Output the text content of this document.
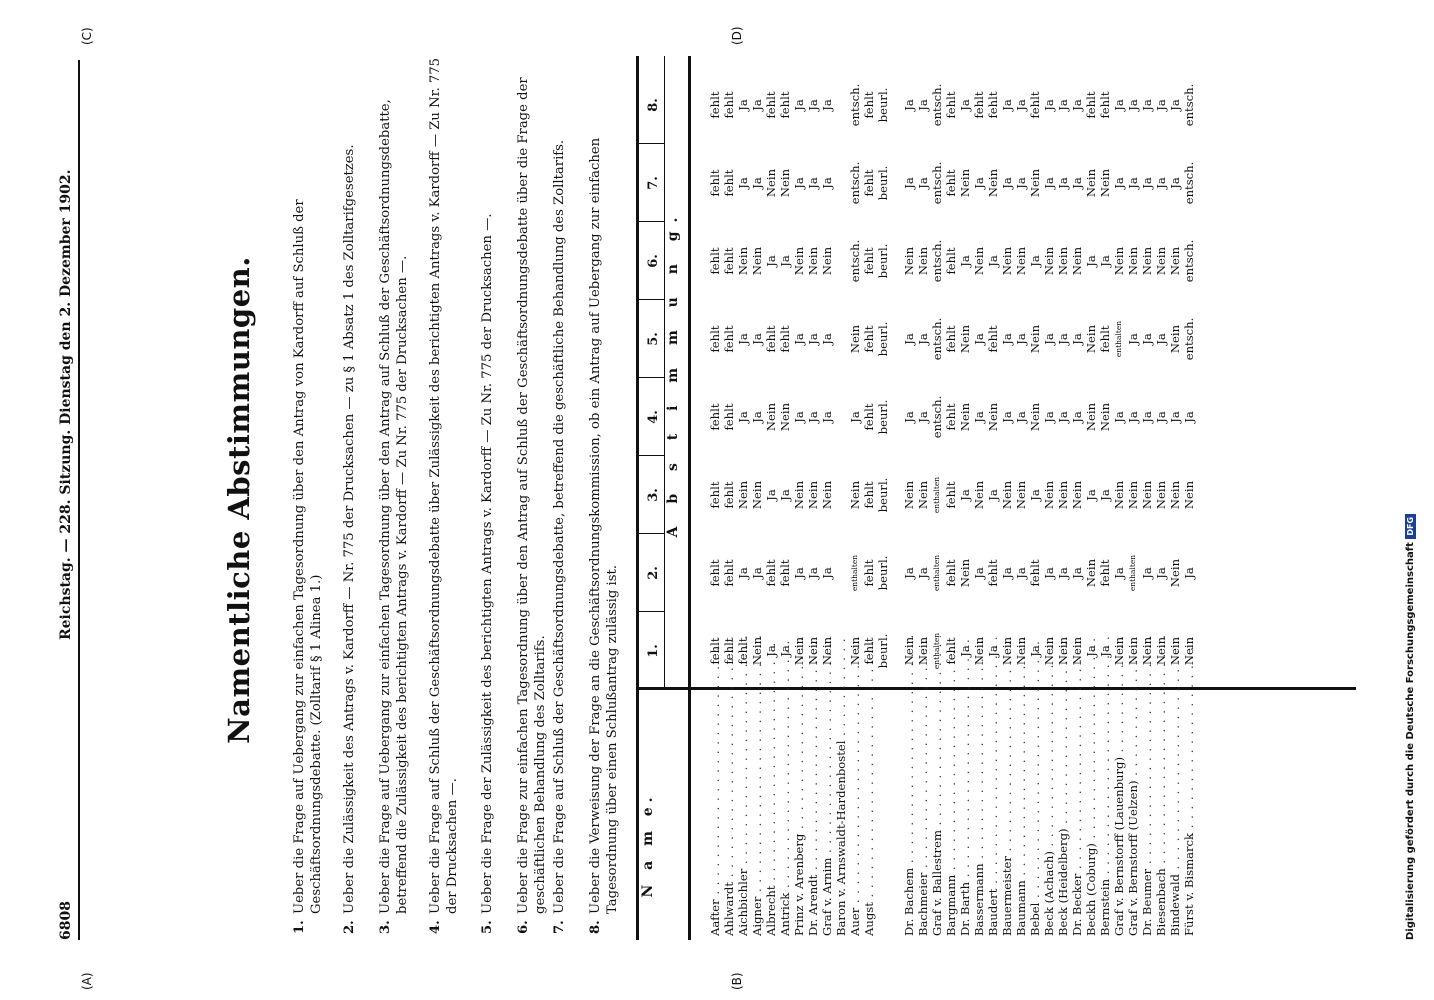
(A)
(C)
(B)
(D)
6808
Reichstag. — 228. Sitzung. Dienstag den 2. Dezember 1902.	Namentliche Abstimmungen.
1.
Ueber die Frage auf Uebergang zur einfachen Tagesordnung über den Antrag von Kardorff auf Schluß der Geschäftsordnungsdebatte. (Zolltarif § 1 Alinea 1.)
2.
Ueber die Zulässigkeit des Antrags v. Kardorff — Nr. 775 der Drucksachen — zu § 1 Absatz 1 des Zolltarifgesetzes.
3.
Ueber die Frage auf Uebergang zur einfachen Tagesordnung über den Antrag auf Schluß der Geschäftsordnungsdebatte, betreffend die Zulässigkeit des berichtigten Antrags v. Kardorff — Zu Nr. 775 der Drucksachen —.
4.
Ueber die Frage auf Schluß der Geschäftsordnungsdebatte über Zulässigkeit des berichtigten Antrags v. Kardorff — Zu Nr. 775 der Drucksachen —.
5.
Ueber die Frage der Zulässigkeit des berichtigten Antrags v. Kardorff — Zu Nr. 775 der Drucksachen —.
6.
Ueber die Frage zur einfachen Tagesordnung über den Antrag auf Schluß der Geschäftsordnungsdebatte über die Frage der geschäftlichen Behandlung des Zolltarifs.
7.
Ueber die Frage auf Schluß der Geschäftsordnungsdebatte, betreffend die geschäftliche Behandlung des Zolltarifs.
8.
Ueber die Verweisung der Frage an die Geschäftsordnungskommission, ob ein Antrag auf Uebergang zur einfachen Tagesordnung über einen Schlußantrag zulässig ist. N a m e.
A b s t i m m u n g.
1.
2.
3.
4.
5.
6.
7.
8.
Aafter . . .
fehlt
fehlt
fehlt
fehlt
fehlt
fehlt
fehlt
fehlt
Ahlwardt . . .
fehlt
fehlt
fehlt
fehlt
fehlt
fehlt
fehlt
fehlt
Aichbichler . . .
fehlt
Ja
Nein
Ja
Ja
Nein
Ja
Ja
Aigner . . .
Nein
Ja
Nein
Ja
Ja
Nein
Ja
Ja
Albrecht . . .
Ja
fehlt
Ja
Nein
fehlt
Ja
Nein
fehlt
Antrick . . .
Ja
fehlt
Ja
Nein
fehlt
Ja
Nein
fehlt
Prinz v. Arenberg . . .
Nein
Ja
Nein
Ja
Ja
Nein
Ja
Ja
Dr. Arendt . . .
Nein
Ja
Nein
Ja
Ja
Nein
Ja
Ja
Graf v. Arnim . . .
Nein
Ja
Nein
Ja
Ja
Nein
Ja
Ja
Baron v. Arnswaldt-Hardenbostel . . . Auer . . .
Nein
enthalten
Nein
Ja
Nein
entsch.
entsch.
entsch.
Augst . . .
fehlt
fehlt
fehlt
fehlt
fehlt
fehlt
fehlt
fehlt
beurl.
beurl.
beurl.
beurl.
beurl.
beurl.
beurl.
beurl.
Dr. Bachem . . .
Nein
Ja
Nein
Ja
Ja
Nein
Ja
Ja
Bachmeier . . .
Nein
Ja
Nein
Ja
Ja
Nein
Ja
Ja
Graf v. Ballestrem . . .
enthalten
enthalten
enthalten
entsch.
entsch.
entsch.
entsch.
entsch.
Bargmann . . .
fehlt
fehlt
fehlt
fehlt
fehlt
fehlt
fehlt
fehlt
Dr. Barth . . .
Ja
Nein
Ja
Nein
Nein
Ja
Nein
Ja
Bassermann . . .
Nein
Ja
Nein
Ja
Ja
Nein
Ja
fehlt
Baudert . . .
Ja
fehlt
Ja
Nein
fehlt
Ja
Nein
fehlt
Bauermeister . . .
Nein
Ja
Nein
Ja
Ja
Nein
Ja
Ja
Baumann . . .
Nein
Ja
Nein
Ja
Ja
Nein
Ja
Ja
Bebel . . .
Ja
fehlt
Ja
Nein
Nein
Ja
Nein
fehlt
Beck (Achach) . . .
Nein
Ja
Nein
Ja
Ja
Nein
Ja
Ja
Beck (Heidelberg) . . .
Nein
Ja
Nein
Ja
Ja
Nein
Ja
Ja
Dr. Becker . . .
Nein
Ja
Nein
Ja
Ja
Nein
Ja
Ja
Beckh (Coburg) . . .
Ja
Nein
Ja
Nein
Nein
Ja
Nein
fehlt
Bernstein . . .
Ja
fehlt
Ja
Nein
fehlt
Ja
Nein
fehlt
Graf v. Bernstorff (Lauenburg) . . .
Nein
Ja
Nein
Ja
enthalten
Nein
Ja
Ja
Graf v. Bernstorff (Uelzen) . . .
Nein
enthalten
Nein
Ja
Ja
Nein
Ja
Ja
Dr. Beumer . . .
Nein
Ja
Nein
Ja
Ja
Nein
Ja
Ja
Biesenbach . . .
Nein
Ja
Nein
Ja
Ja
Nein
Ja
Ja
Bindewald . . .
Nein
Nein
Nein
Ja
Nein
Nein
Ja
Ja
Fürst v. Bismarck . . .
Nein
Ja
Nein
Ja
entsch.
entsch.
entsch.
entsch.
Digitalisierung gefördert durch die Deutsche Forschungsgemeinschaft DFG
